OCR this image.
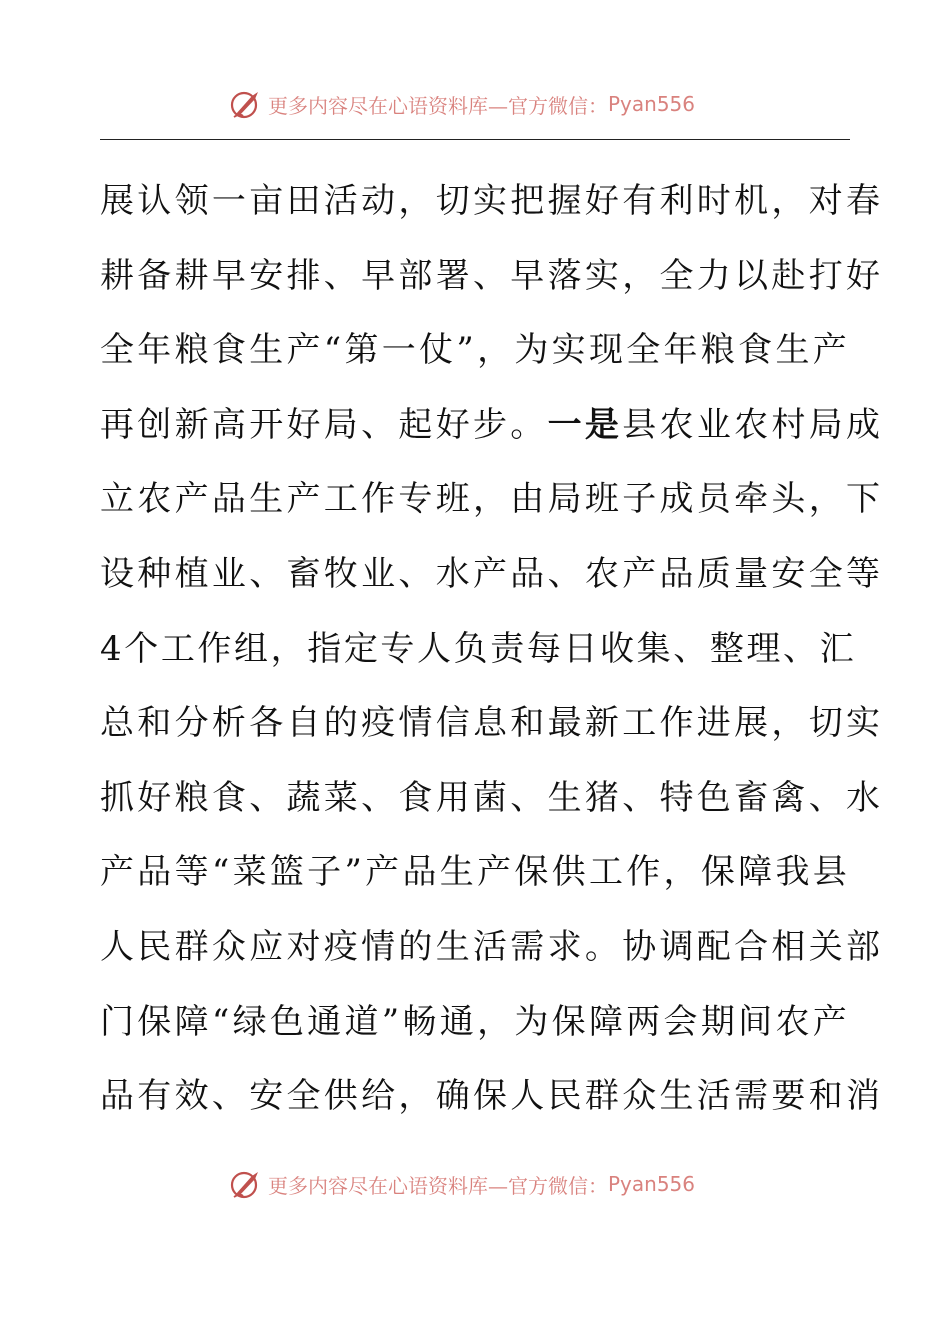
更多内容尽在心语资料库—官方微信： Pyan556
展认领一亩田活动，切实把握好有利时机，对春
耕备耕早安排、早部署、早落实，全力以赴打好
全年粮食生产“第一仗”，为实现全年粮食生产
再创新高开好局、起好步。一是县农业农村局成
立农产品生产工作专班，由局班子成员牵头，下
设种植业、畜牧业、水产品、农产品质量安全等
4个工作组，指定专人负责每日收集、整理、汇
总和分析各自的疫情信息和最新工作进展，切实
抓好粮食、蔬菜、食用菌、生猪、特色畜禽、水
产品等“菜篮子”产品生产保供工作，保障我县
人民群众应对疫情的生活需求。协调配合相关部
门保障“绿色通道”畅通，为保障两会期间农产
品有效、安全供给，确保人民群众生活需要和消
更多内容尽在心语资料库—官方微信： Pyan556
